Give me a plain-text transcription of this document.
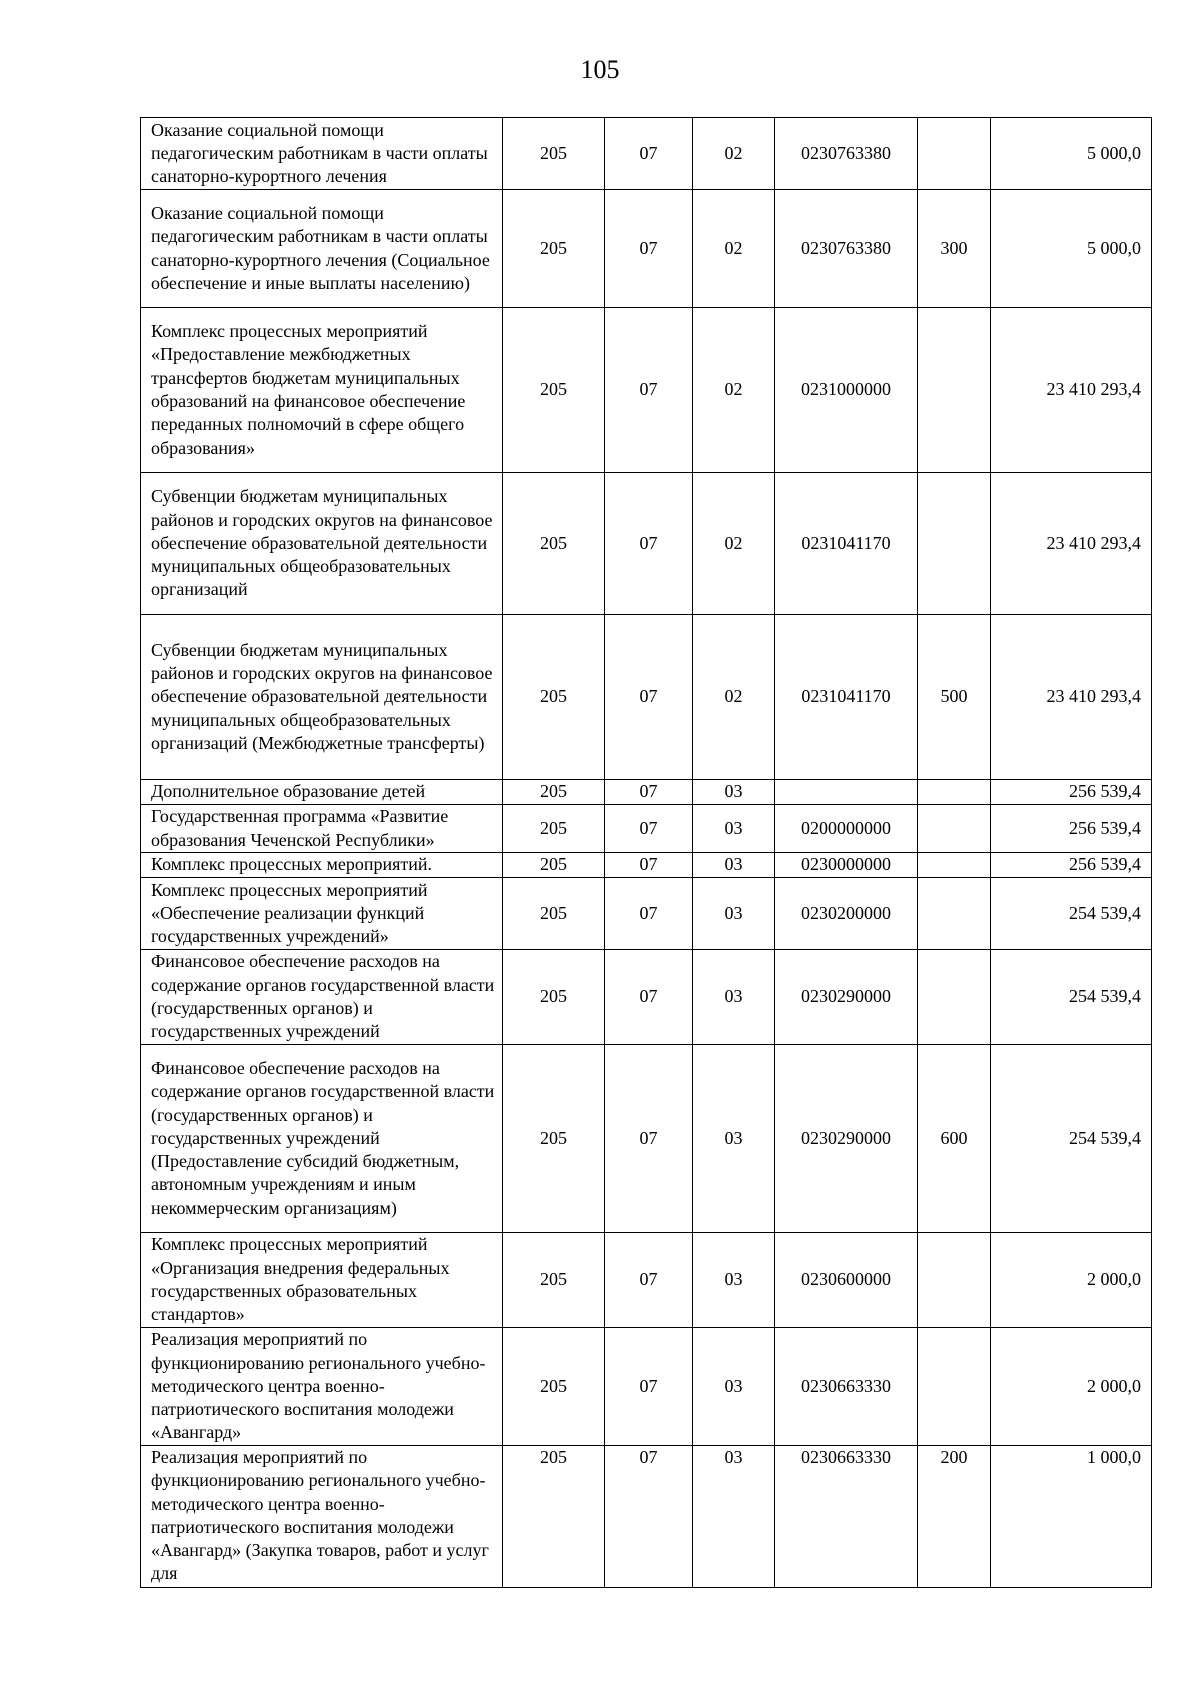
105
Оказание социальной помощи педагогическим работникам в части оплаты санаторно-курортного лечения	205	07	02	0230763380		5 000,0
Оказание социальной помощи педагогическим работникам в части оплаты санаторно-курортного лечения (Социальное обеспечение и иные выплаты населению)	205	07	02	0230763380	300	5 000,0
Комплекс процессных мероприятий «Предоставление межбюджетных трансфертов бюджетам муниципальных образований на финансовое обеспечение переданных полномочий в сфере общего образования»	205	07	02	0231000000		23 410 293,4
Субвенции бюджетам муниципальных районов и городских округов на финансовое обеспечение образовательной деятельности муниципальных общеобразовательных организаций	205	07	02	0231041170		23 410 293,4
Субвенции бюджетам муниципальных районов и городских округов на финансовое обеспечение образовательной деятельности муниципальных общеобразовательных организаций (Межбюджетные трансферты)	205	07	02	0231041170	500	23 410 293,4
Дополнительное образование детей	205	07	03			256 539,4
Государственная программа «Развитие образования Чеченской Республики»	205	07	03	0200000000		256 539,4
Комплекс процессных мероприятий.	205	07	03	0230000000		256 539,4
Комплекс процессных мероприятий «Обеспечение реализации функций государственных учреждений»	205	07	03	0230200000		254 539,4
Финансовое обеспечение расходов на содержание органов государственной власти (государственных органов) и государственных учреждений	205	07	03	0230290000		254 539,4
Финансовое обеспечение расходов на содержание органов государственной власти (государственных органов) и государственных учреждений (Предоставление субсидий бюджетным, автономным учреждениям и иным некоммерческим организациям)	205	07	03	0230290000	600	254 539,4
Комплекс процессных мероприятий «Организация внедрения федеральных государственных образовательных стандартов»	205	07	03	0230600000		2 000,0
Реализация мероприятий по функционированию регионального учебно-методического центра военно-патриотического воспитания молодежи «Авангард»	205	07	03	0230663330		2 000,0
Реализация мероприятий по функционированию регионального учебно-методического центра военно-патриотического воспитания молодежи «Авангард» (Закупка товаров, работ и услуг для	205	07	03	0230663330	200	1 000,0
